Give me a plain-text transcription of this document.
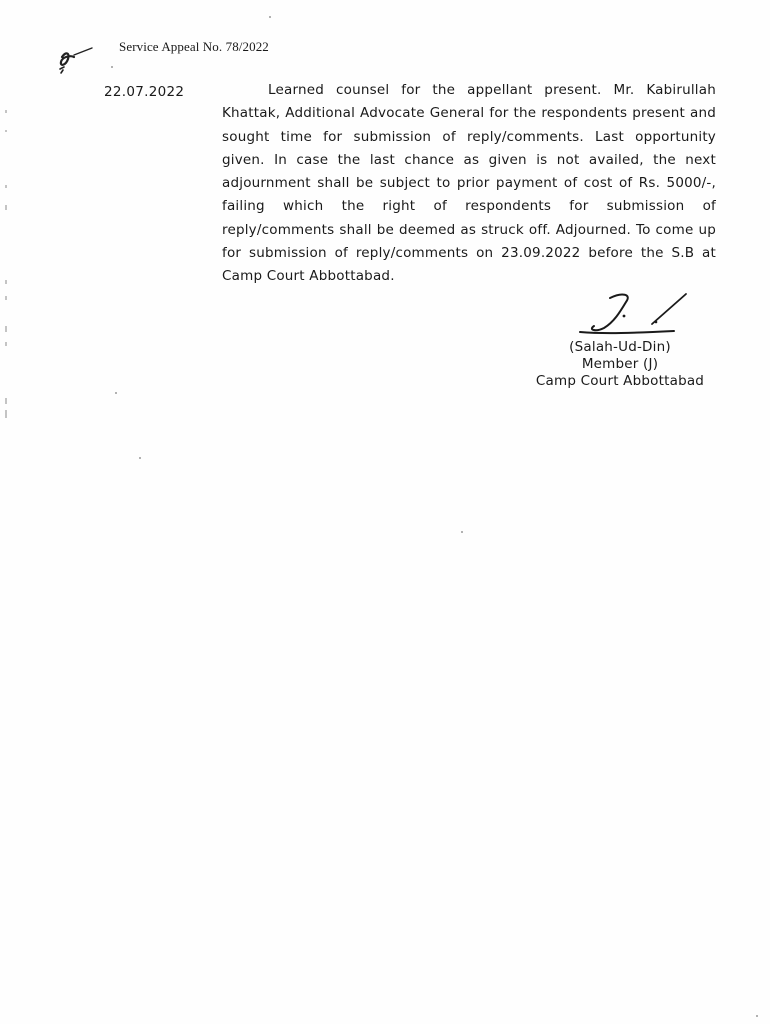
Service Appeal No. 78/2022
22.07.2022	Learned counsel for the appellant present. Mr. Kabirullah Khattak, Additional Advocate General for the respondents present and sought time for submission of reply/comments. Last opportunity given. In case the last chance as given is not availed, the next adjournment shall be subject to prior payment of cost of Rs. 5000/-, failing which the right of respondents for submission of reply/comments shall be deemed as struck off. Adjourned. To come up for submission of reply/comments on 23.09.2022 before the S.B at Camp Court Abbottabad.

(Salah-Ud-Din)
Member (J)
Camp Court Abbottabad
